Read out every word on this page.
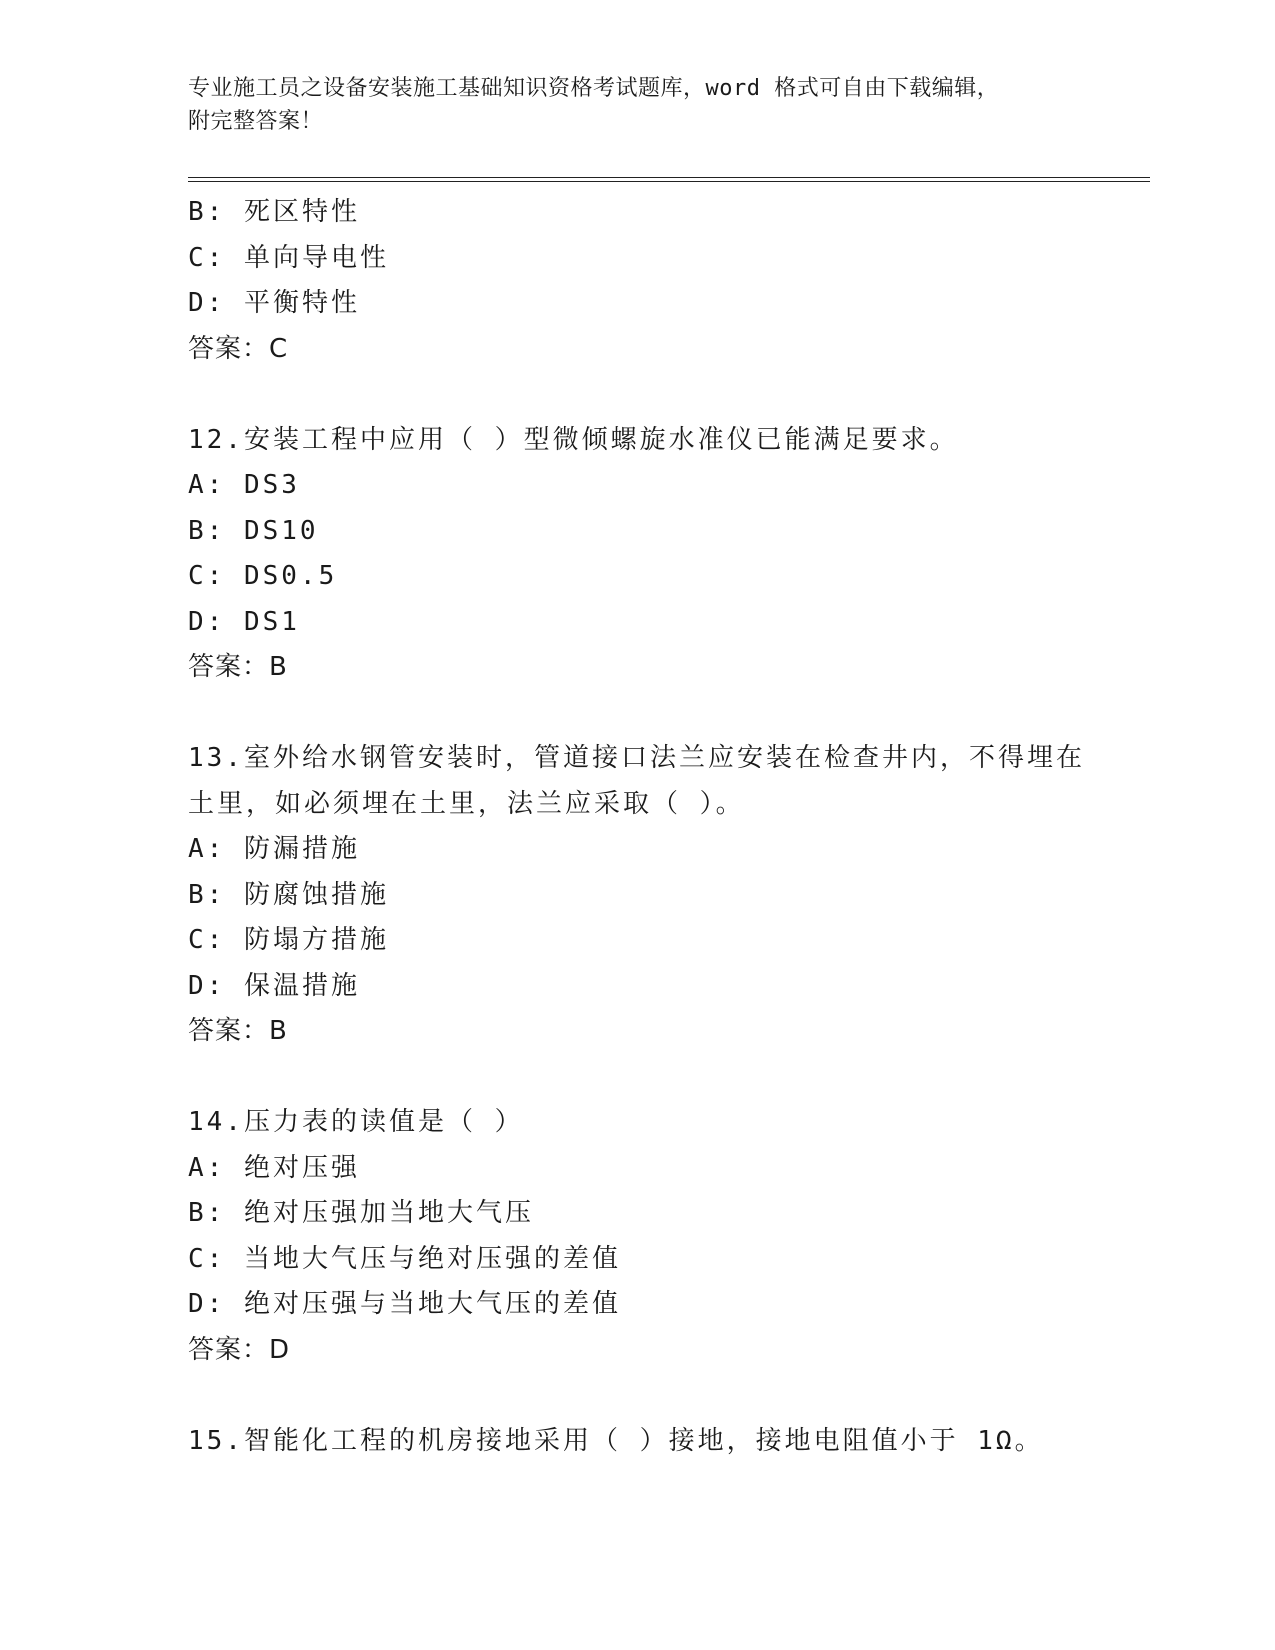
专业施工员之设备安装施工基础知识资格考试题库，word 格式可自由下载编辑，
附完整答案！
B: 死区特性
C: 单向导电性
D: 平衡特性
答案：C
12.安装工程中应用（ ）型微倾螺旋水准仪已能满足要求。
A: DS3
B: DS10
C: DS0.5
D: DS1
答案：B
13.室外给水钢管安装时，管道接口法兰应安装在检查井内，不得埋在
土里，如必须埋在土里，法兰应采取（ ）。
A: 防漏措施
B: 防腐蚀措施
C: 防塌方措施
D: 保温措施
答案：B
14.压力表的读值是（ ）
A: 绝对压强
B: 绝对压强加当地大气压
C: 当地大气压与绝对压强的差值
D: 绝对压强与当地大气压的差值
答案：D
15.智能化工程的机房接地采用（ ）接地，接地电阻值小于 1Ω。
